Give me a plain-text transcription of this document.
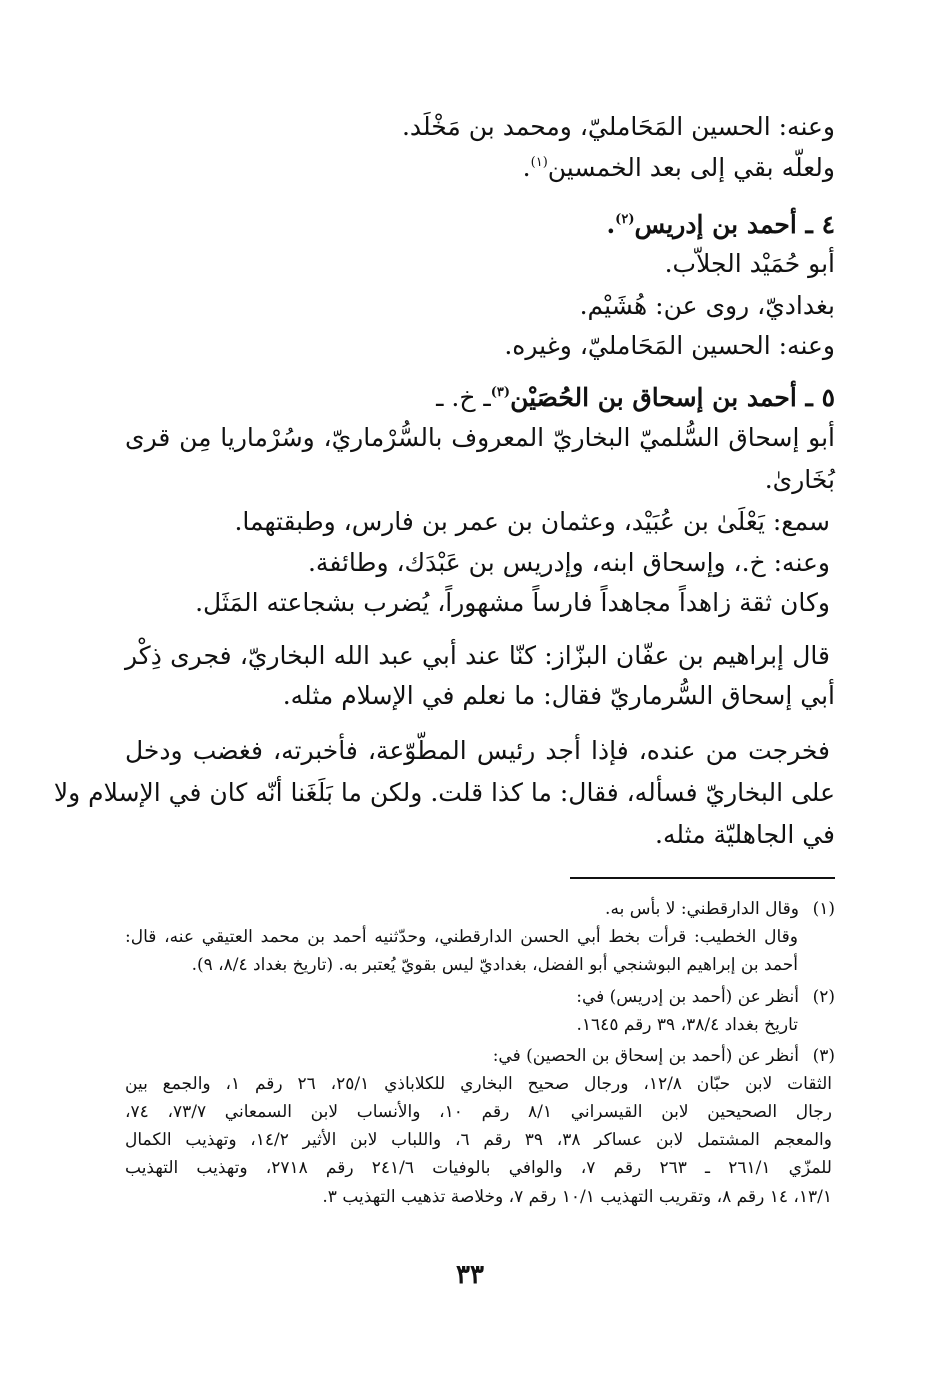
وعنه: الحسين المَحَامليّ، ومحمد بن مَخْلَد.
ولعلّه بقي إلى بعد الخمسين$^{(١)}$.
٤ ـ أحمد بن إدريس$^{(٢)}$.
أبو حُمَيْد الجلاّب.
بغداديّ، روى عن: هُشَيْم.
وعنه: الحسين المَحَامليّ، وغيره.
٥ ـ أحمد بن إسحاق بن الحُصَيْن$^{(٣)}$ـ خ. ـ
أبو إسحاق السُّلميّ البخاريّ المعروف بالسُّرْماريّ، وسُرْماريا مِن قرى
بُخَارىٰ.
سمع: يَعْلَىٰ بن عُبَيْد، وعثمان بن عمر بن فارس، وطبقتهما.
وعنه: خ.، وإسحاق ابنه، وإدريس بن عَبْدَك، وطائفة.
وكان ثقة زاهداً مجاهداً فارساً مشهوراً، يُضرب بشجاعته المَثَل.
قال إبراهيم بن عفّان البزّاز: كنّا عند أبي عبد الله البخاريّ، فجرى ذِكْر
أبي إسحاق السُّرماريّ فقال: ما نعلم في الإسلام مثله.
فخرجت من عنده، فإذا أجد رئيس المطّوّعة، فأخبرته، فغضب ودخل
على البخاريّ فسأله، فقال: ما كذا قلت. ولكن ما بَلَغَنا أنّه كان في الإسلام ولا
في الجاهليّة مثله.
(١)وقال الدارقطني: لا بأس به.
وقال الخطيب: قرأت بخط أبي الحسن الدارقطني، وحدّثنيه أحمد بن محمد العتيقي عنه، قال:
أحمد بن إبراهيم البوشنجي أبو الفضل، بغداديّ ليس بقويّ يُعتبر به. (تاريخ بغداد ٨/٤، ٩).
(٢)أنظر عن (أحمد بن إدريس) في:
تاريخ بغداد ٣٨/٤، ٣٩ رقم ١٦٤٥.
(٣)أنظر عن (أحمد بن إسحاق بن الحصين) في:
الثقات لابن حبّان ١٢/٨، ورجال صحيح البخاري للكلاباذي ٢٥/١، ٢٦ رقم ١، والجمع بين
رجال الصحيحين لابن القيسراني ٨/١ رقم ١٠، والأنساب لابن السمعاني ٧٣/٧، ٧٤،
والمعجم المشتمل لابن عساكر ٣٨، ٣٩ رقم ٦، واللباب لابن الأثير ١٤/٢، وتهذيب الكمال
للمزّي ٢٦١/١ ـ ٢٦٣ رقم ٧، والوافي بالوفيات ٢٤١/٦ رقم ٢٧١٨، وتهذيب التهذيب
١٣/١، ١٤ رقم ٨، وتقريب التهذيب ١٠/١ رقم ٧، وخلاصة تذهيب التهذيب ٣.
٣٣
